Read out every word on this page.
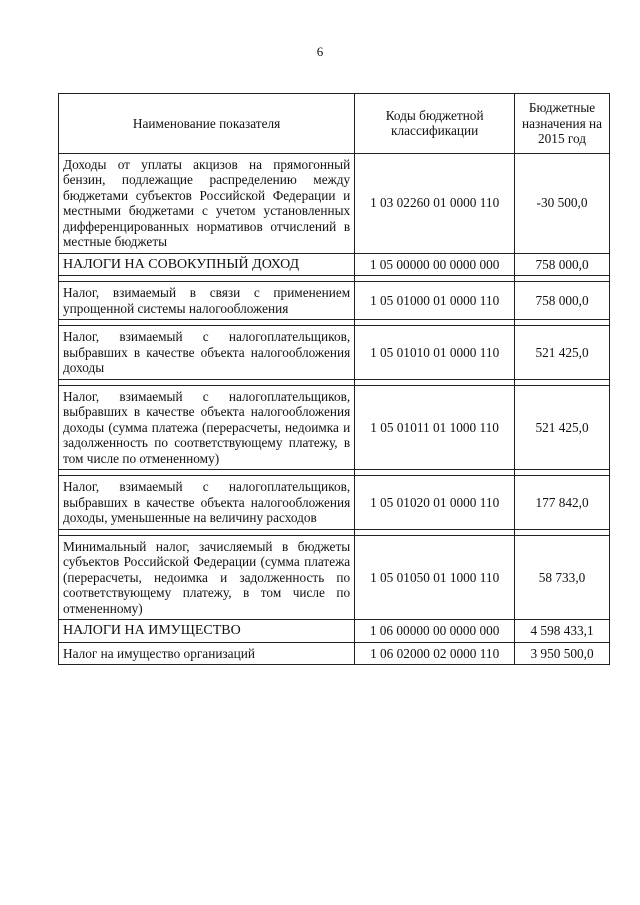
6
Наименование показателя	Коды бюджетной классификации	Бюджетные назначения на 2015 год
Доходы от уплаты акцизов на прямогонный бензин, подлежащие распределению между бюджетами субъектов Российской Федерации и местными бюджетами с учетом установленных дифференцированных нормативов отчислений в местные бюджеты	1 03 02260 01 0000 110	-30 500,0
НАЛОГИ НА СОВОКУПНЫЙ ДОХОД	1 05 00000 00 0000 000	758 000,0

Налог, взимаемый в связи с применением упрощенной системы налогообложения	1 05 01000 01 0000 110	758 000,0

Налог, взимаемый с налогоплательщиков, выбравших в качестве объекта налогообложения доходы	1 05 01010 01 0000 110	521 425,0

Налог, взимаемый с налогоплательщиков, выбравших в качестве объекта налогообложения доходы (сумма платежа (перерасчеты, недоимка и задолженность по соответствующему платежу, в том числе по отмененному)	1 05 01011 01 1000 110	521 425,0

Налог, взимаемый с налогоплательщиков, выбравших в качестве объекта налогообложения доходы, уменьшенные на величину расходов	1 05 01020 01 0000 110	177 842,0

Минимальный налог, зачисляемый в бюджеты субъектов Российской Федерации (сумма платежа (перерасчеты, недоимка и задолженность по соответствующему платежу, в том числе по отмененному)	1 05 01050 01 1000 110	58 733,0
НАЛОГИ НА ИМУЩЕСТВО	1 06 00000 00 0000 000	4 598 433,1
Налог на имущество организаций	1 06 02000 02 0000 110	3 950 500,0
